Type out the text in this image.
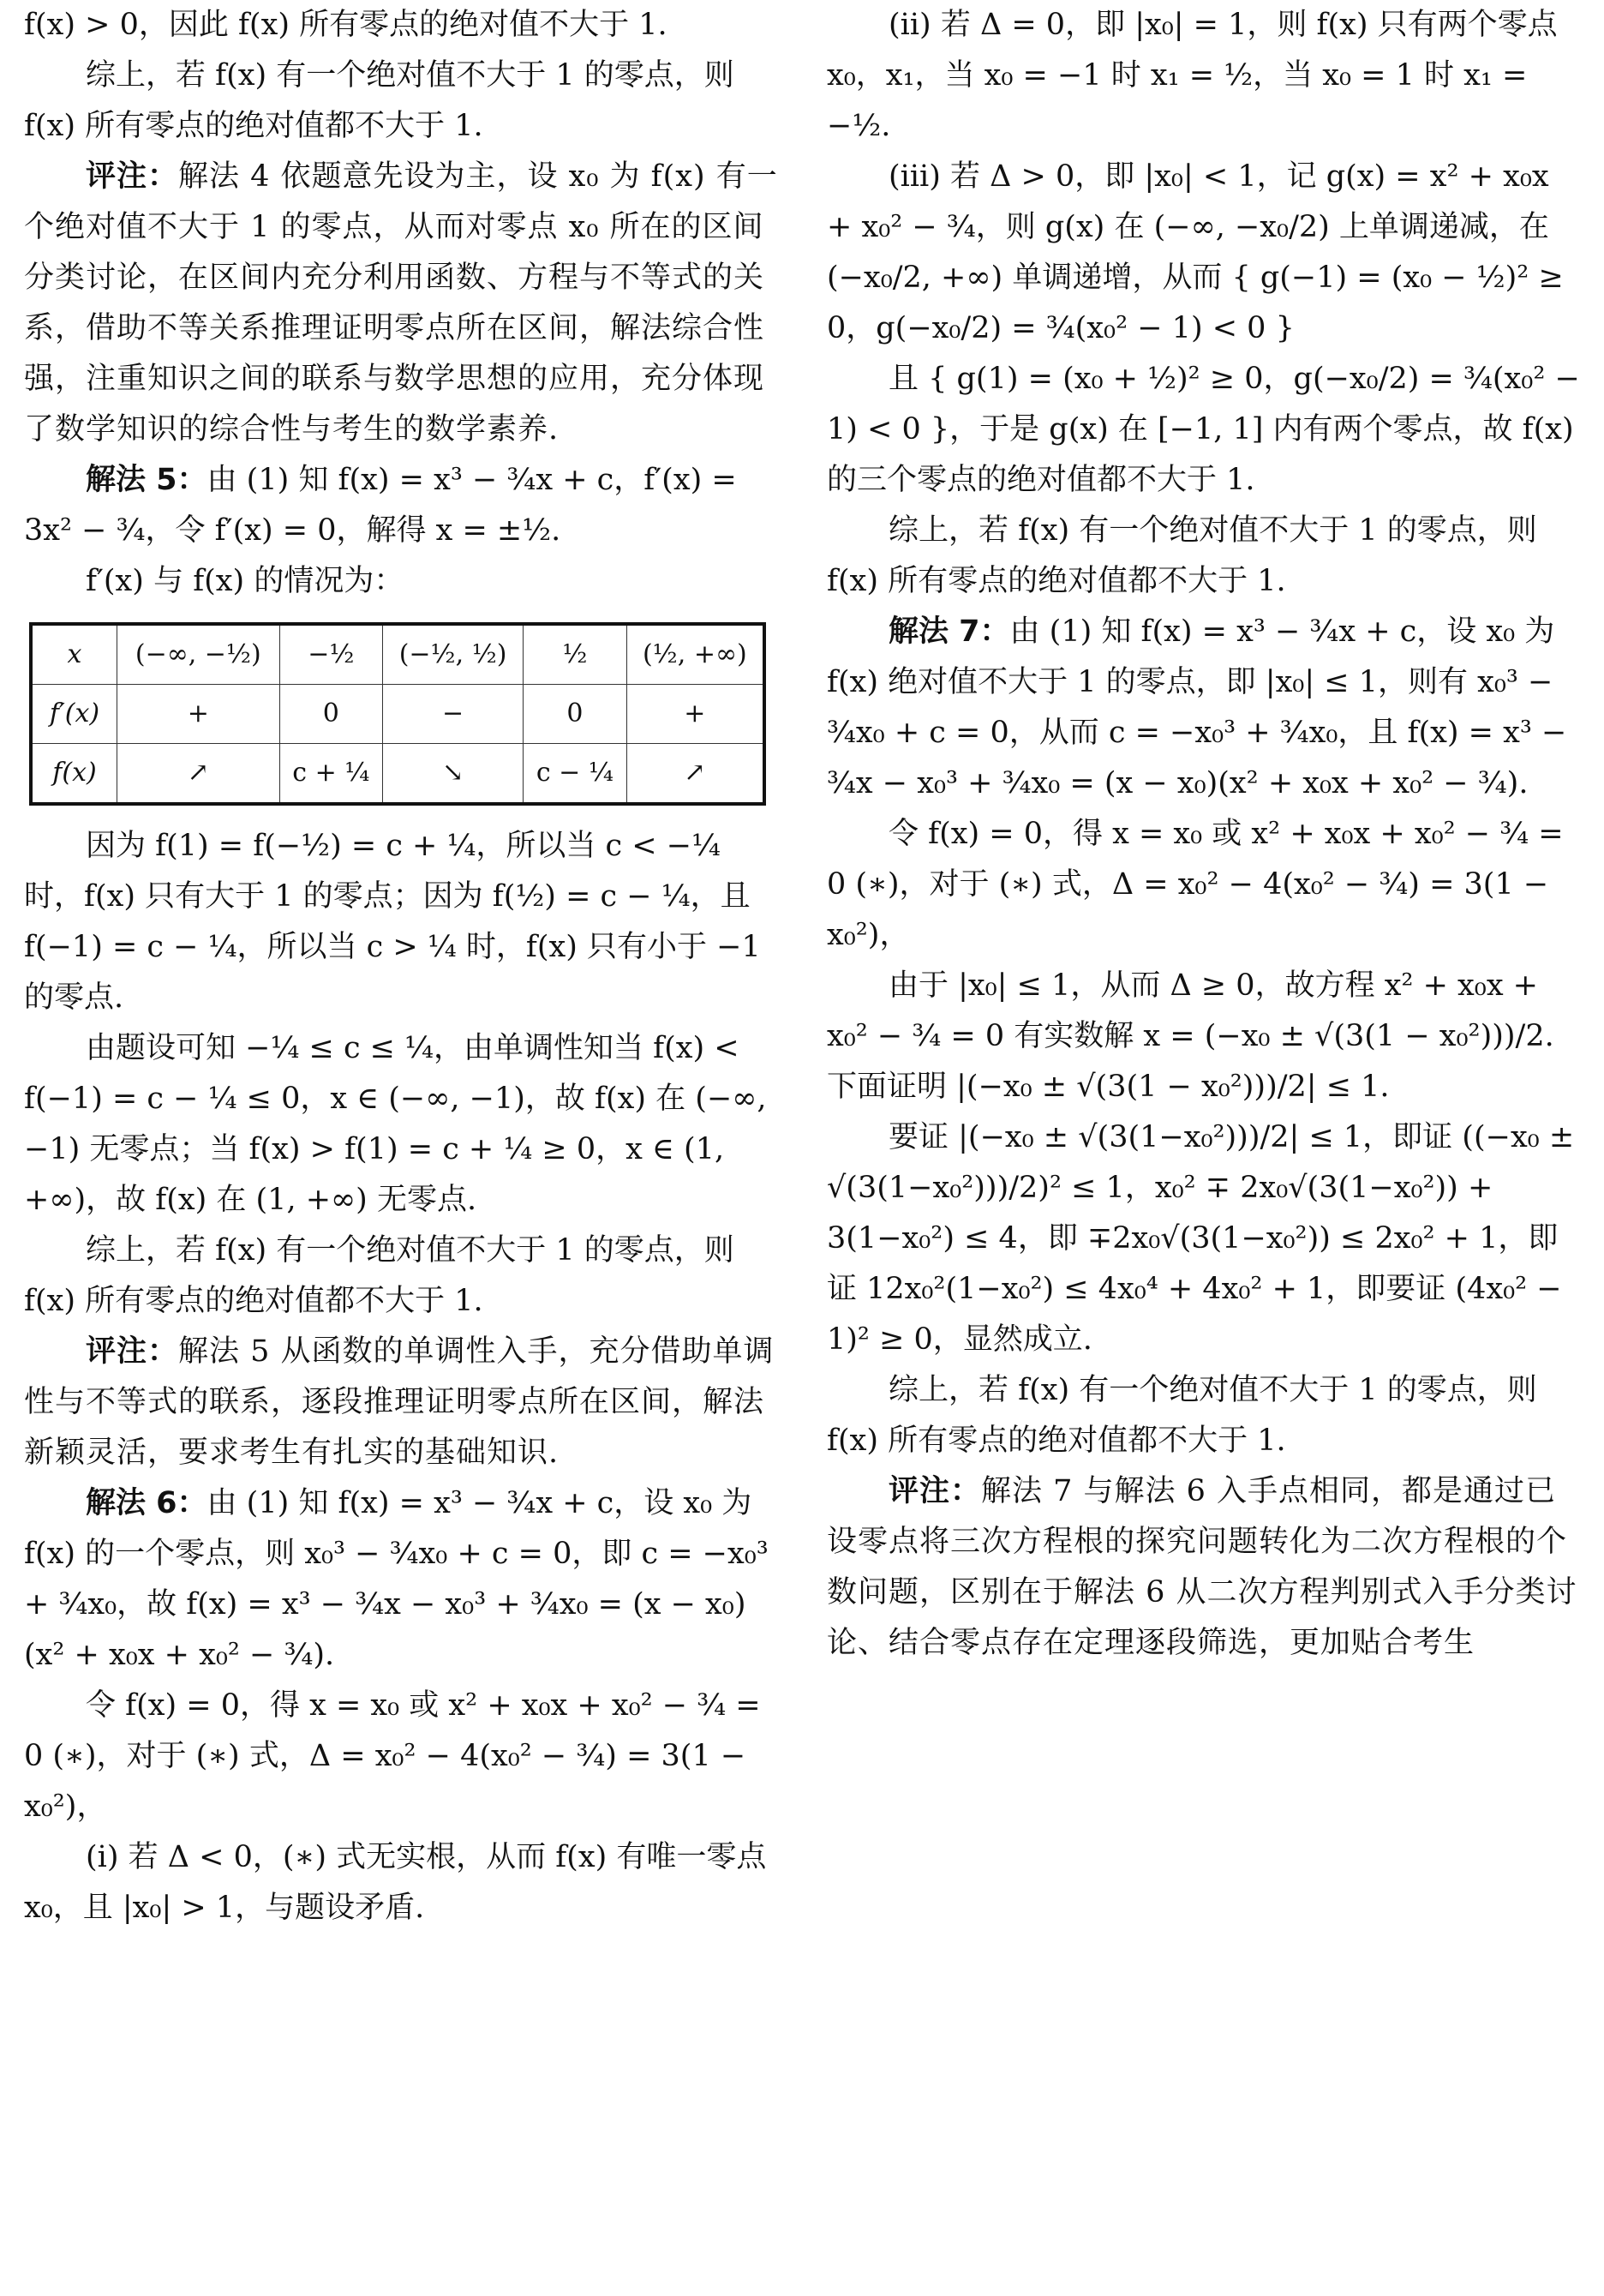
f(x) > 0，因此 f(x) 所有零点的绝对值不大于 1.

综上，若 f(x) 有一个绝对值不大于 1 的零点，则 f(x) 所有零点的绝对值都不大于 1.

评注：解法 4 依题意先设为主，设 x₀ 为 f(x) 有一个绝对值不大于 1 的零点，从而对零点 x₀ 所在的区间分类讨论，在区间内充分利用函数、方程与不等式的关系，借助不等关系推理证明零点所在区间，解法综合性强，注重知识之间的联系与数学思想的应用，充分体现了数学知识的综合性与考生的数学素养.

解法 5：由 (1) 知 f(x) = x³ − ¾x + c，f′(x) = 3x² − ¾，令 f′(x) = 0，解得 x = ±½.

f′(x) 与 f(x) 的情况为：

x	(−∞, −½)	−½	(−½, ½)	½	(½, +∞)
f′(x)	+	0	−	0	+
f(x)	↗	c + ¼	↘	c − ¼	↗

因为 f(1) = f(−½) = c + ¼，所以当 c < −¼ 时，f(x) 只有大于 1 的零点；因为 f(½) = c − ¼，且 f(−1) = c − ¼，所以当 c > ¼ 时，f(x) 只有小于 −1 的零点.

由题设可知 −¼ ≤ c ≤ ¼，由单调性知当 f(x) < f(−1) = c − ¼ ≤ 0，x ∈ (−∞, −1)，故 f(x) 在 (−∞, −1) 无零点；当 f(x) > f(1) = c + ¼ ≥ 0，x ∈ (1, +∞)，故 f(x) 在 (1, +∞) 无零点.

综上，若 f(x) 有一个绝对值不大于 1 的零点，则 f(x) 所有零点的绝对值都不大于 1.

评注：解法 5 从函数的单调性入手，充分借助单调性与不等式的联系，逐段推理证明零点所在区间，解法新颖灵活，要求考生有扎实的基础知识.

解法 6：由 (1) 知 f(x) = x³ − ¾x + c，设 x₀ 为 f(x) 的一个零点，则 x₀³ − ¾x₀ + c = 0，即 c = −x₀³ + ¾x₀，故 f(x) = x³ − ¾x − x₀³ + ¾x₀ = (x − x₀)(x² + x₀x + x₀² − ¾).

令 f(x) = 0，得 x = x₀ 或 x² + x₀x + x₀² − ¾ = 0 (∗)，对于 (∗) 式，Δ = x₀² − 4(x₀² − ¾) = 3(1 − x₀²)，

(ⅰ) 若 Δ < 0，(∗) 式无实根，从而 f(x) 有唯一零点 x₀，且 |x₀| > 1，与题设矛盾.

(ⅱ) 若 Δ = 0，即 |x₀| = 1，则 f(x) 只有两个零点 x₀，x₁，当 x₀ = −1 时 x₁ = ½，当 x₀ = 1 时 x₁ = −½.

(ⅲ) 若 Δ > 0，即 |x₀| < 1，记 g(x) = x² + x₀x + x₀² − ¾，则 g(x) 在 (−∞, −x₀/2) 上单调递减，在 (−x₀/2, +∞) 单调递增，从而 { g(−1) = (x₀ − ½)² ≥ 0，g(−x₀/2) = ¾(x₀² − 1) < 0 }

且 { g(1) = (x₀ + ½)² ≥ 0，g(−x₀/2) = ¾(x₀² − 1) < 0 }，于是 g(x) 在 [−1, 1] 内有两个零点，故 f(x) 的三个零点的绝对值都不大于 1.

综上，若 f(x) 有一个绝对值不大于 1 的零点，则 f(x) 所有零点的绝对值都不大于 1.

解法 7：由 (1) 知 f(x) = x³ − ¾x + c，设 x₀ 为 f(x) 绝对值不大于 1 的零点，即 |x₀| ≤ 1，则有 x₀³ − ¾x₀ + c = 0，从而 c = −x₀³ + ¾x₀，且 f(x) = x³ − ¾x − x₀³ + ¾x₀ = (x − x₀)(x² + x₀x + x₀² − ¾).

令 f(x) = 0，得 x = x₀ 或 x² + x₀x + x₀² − ¾ = 0 (∗)，对于 (∗) 式，Δ = x₀² − 4(x₀² − ¾) = 3(1 − x₀²)，

由于 |x₀| ≤ 1，从而 Δ ≥ 0，故方程 x² + x₀x + x₀² − ¾ = 0 有实数解 x = (−x₀ ± √(3(1 − x₀²)))/2. 下面证明 |(−x₀ ± √(3(1 − x₀²)))/2| ≤ 1.

要证 |(−x₀ ± √(3(1−x₀²)))/2| ≤ 1，即证 ((−x₀ ± √(3(1−x₀²)))/2)² ≤ 1，x₀² ∓ 2x₀√(3(1−x₀²)) + 3(1−x₀²) ≤ 4，即 ∓2x₀√(3(1−x₀²)) ≤ 2x₀² + 1，即证 12x₀²(1−x₀²) ≤ 4x₀⁴ + 4x₀² + 1，即要证 (4x₀² − 1)² ≥ 0，显然成立.

综上，若 f(x) 有一个绝对值不大于 1 的零点，则 f(x) 所有零点的绝对值都不大于 1.

评注：解法 7 与解法 6 入手点相同，都是通过已设零点将三次方程根的探究问题转化为二次方程根的个数问题，区别在于解法 6 从二次方程判别式入手分类讨论、结合零点存在定理逐段筛选，更加贴合考生
